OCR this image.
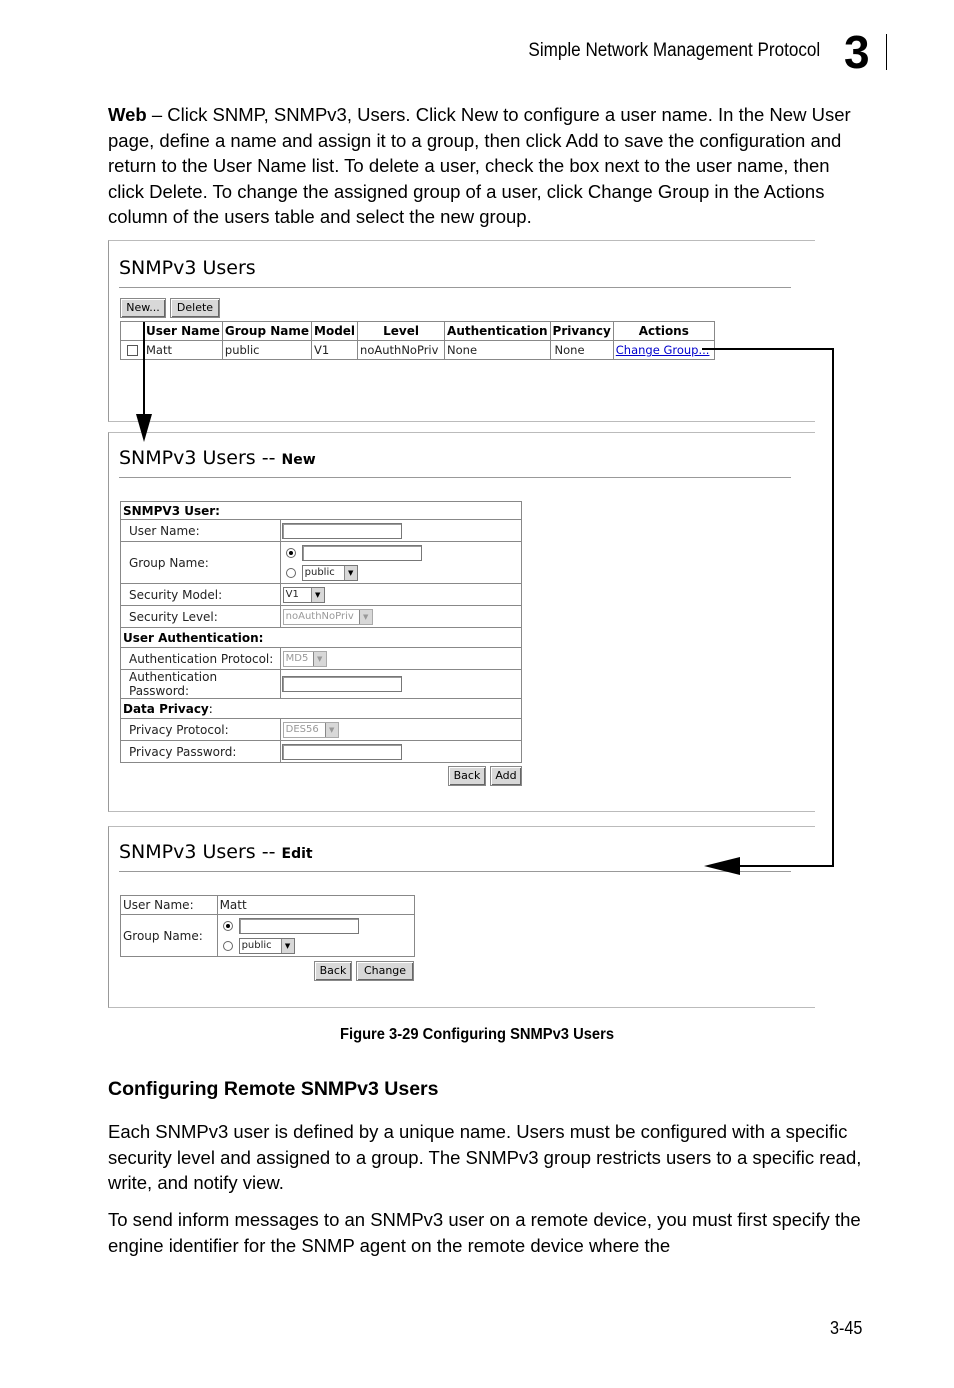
Simple Network Management Protocol 3
Web – Click SNMP, SNMPv3, Users. Click New to configure a user name. In the New User page, define a name and assign it to a group, then click Add to save the configuration and return to the User Name list. To delete a user, check the box next to the user name, then click Delete. To change the assigned group of a user, click Change Group in the Actions column of the users table and select the new group.
SNMPv3 Users
New...	Delete
	User Name	Group Name	Model	Level	Authentication	Privancy	Actions
	Matt	public	V1	noAuthNoPriv	None	None	Change Group...
SNMPv3 Users -- New
SNMPV3 User:	
User Name:	
Group Name:	public ▼

Security Model:	V1 ▼

Security Level:	noAuthNoPriv ▼

User Authentication:	
Authentication Protocol:	MD5 ▼

Authentication Password:	
Data Privacy:	
Privacy Protocol:	DES56 ▼

Privacy Password:	
Back	Add
SNMPv3 Users -- Edit
User Name:	Matt
Group Name:	public ▼
Back	Change
Figure 3-29 Configuring SNMPv3 Users
Configuring Remote SNMPv3 Users
Each SNMPv3 user is defined by a unique name. Users must be configured with a specific security level and assigned to a group. The SNMPv3 group restricts users to a specific read, write, and notify view.
To send inform messages to an SNMPv3 user on a remote device, you must first specify the engine identifier for the SNMP agent on the remote device where the
3-45
